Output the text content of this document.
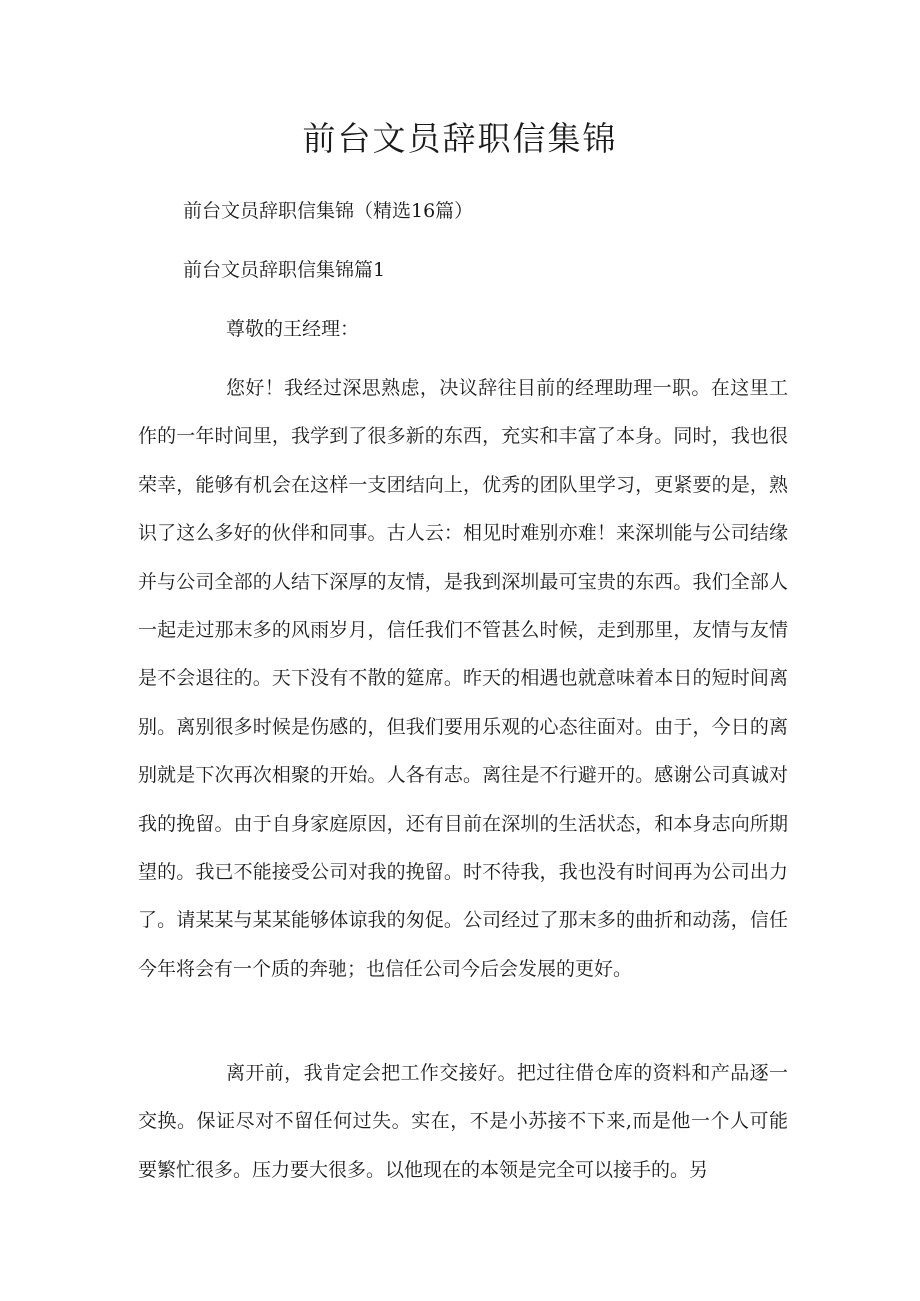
前台文员辞职信集锦
前台文员辞职信集锦（精选16篇）
前台文员辞职信集锦篇1
尊敬的王经理：
您好！我经过深思熟虑，决议辞往目前的经理助理一职。在这里工作的一年时间里，我学到了很多新的东西，充实和丰富了本身。同时，我也很荣幸，能够有机会在这样一支团结向上，优秀的团队里学习，更紧要的是，熟识了这么多好的伙伴和同事。古人云：相见时难别亦难！来深圳能与公司结缘并与公司全部的人结下深厚的友情，是我到深圳最可宝贵的东西。我们全部人一起走过那末多的风雨岁月，信任我们不管甚么时候，走到那里，友情与友情是不会退往的。天下没有不散的筵席。昨天的相遇也就意味着本日的短时间离别。离别很多时候是伤感的，但我们要用乐观的心态往面对。由于，今日的离别就是下次再次相聚的开始。人各有志。离往是不行避开的。感谢公司真诚对我的挽留。由于自身家庭原因，还有目前在深圳的生活状态，和本身志向所期望的。我已不能接受公司对我的挽留。时不待我，我也没有时间再为公司出力了。请某某与某某能够体谅我的匆促。公司经过了那末多的曲折和动荡，信任今年将会有一个质的奔驰；也信任公司今后会发展的更好。
离开前，我肯定会把工作交接好。把过往借仓库的资料和产品逐一交换。保证尽对不留任何过失。实在，不是小苏接不下来,而是他一个人可能要繁忙很多。压力要大很多。以他现在的本领是完全可以接手的。另
